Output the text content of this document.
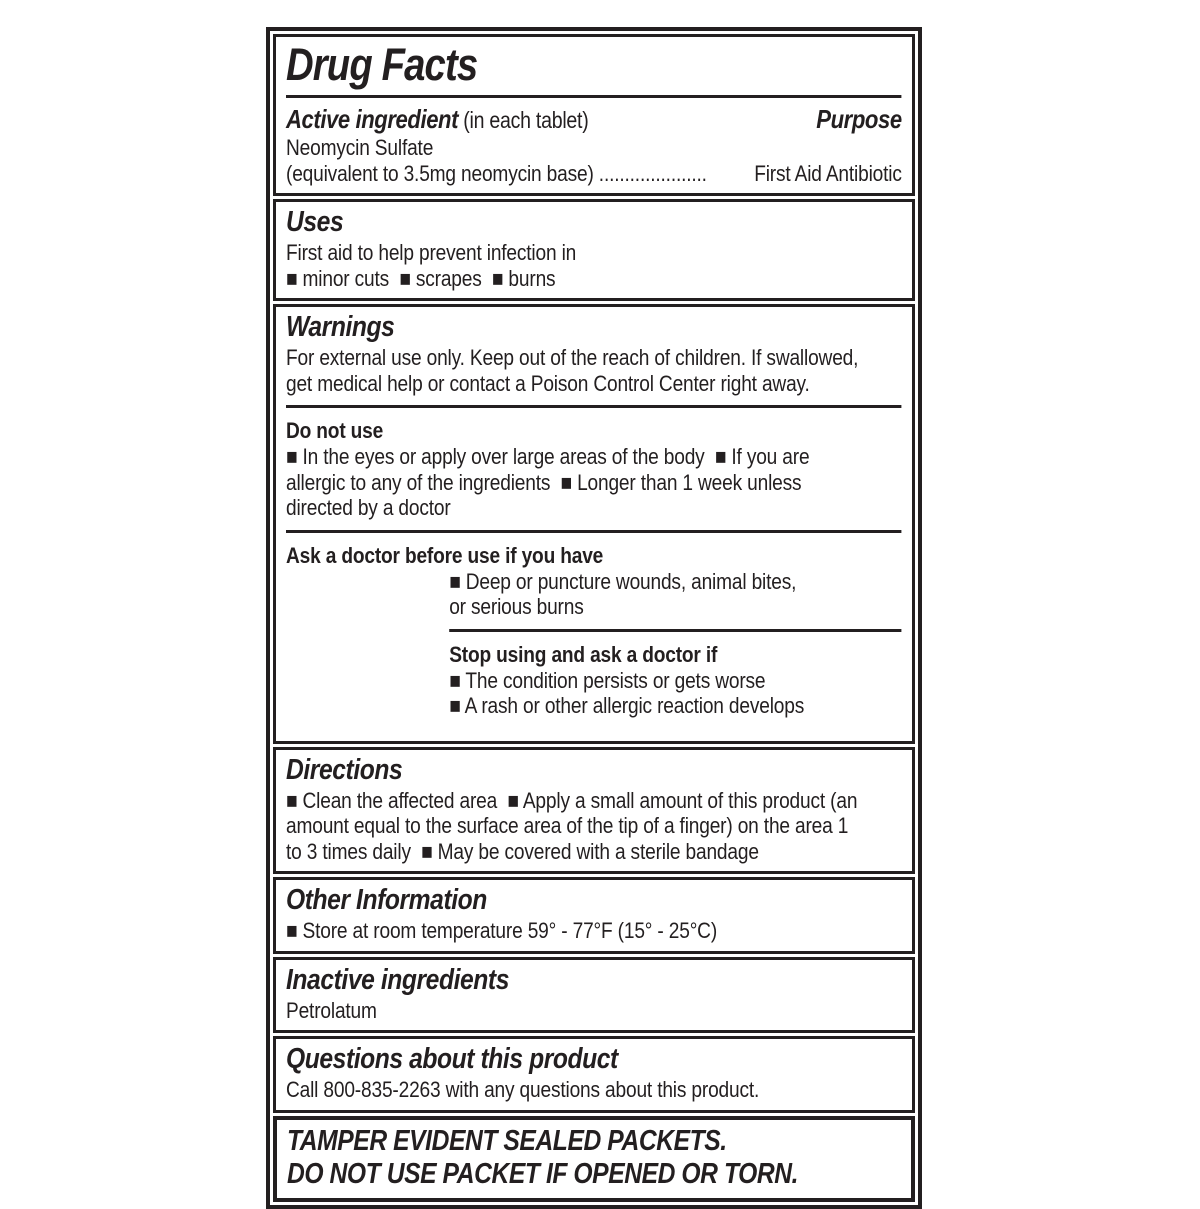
Drug Facts
Active ingredient (in each tablet)	Purpose
Neomycin Sulfate
(equivalent to 3.5mg neomycin base) ..................... First Aid Antibiotic
Uses
First aid to help prevent infection in
■ minor cuts  ■ scrapes  ■ burns
Warnings
For external use only. Keep out of the reach of children. If swallowed,
get medical help or contact a Poison Control Center right away.
Do not use
■ In the eyes or apply over large areas of the body  ■ If you are
allergic to any of the ingredients  ■ Longer than 1 week unless
directed by a doctor
Ask a doctor before use if you have
■ Deep or puncture wounds, animal bites,
or serious burns
Stop using and ask a doctor if
■ The condition persists or gets worse
■ A rash or other allergic reaction develops
Directions
■ Clean the affected area  ■ Apply a small amount of this product (an
amount equal to the surface area of the tip of a finger) on the area 1
to 3 times daily  ■ May be covered with a sterile bandage
Other Information
■ Store at room temperature 59° - 77°F (15° - 25°C)
Inactive ingredients
Petrolatum
Questions about this product
Call 800-835-2263 with any questions about this product.
TAMPER EVIDENT SEALED PACKETS.
DO NOT USE PACKET IF OPENED OR TORN.
